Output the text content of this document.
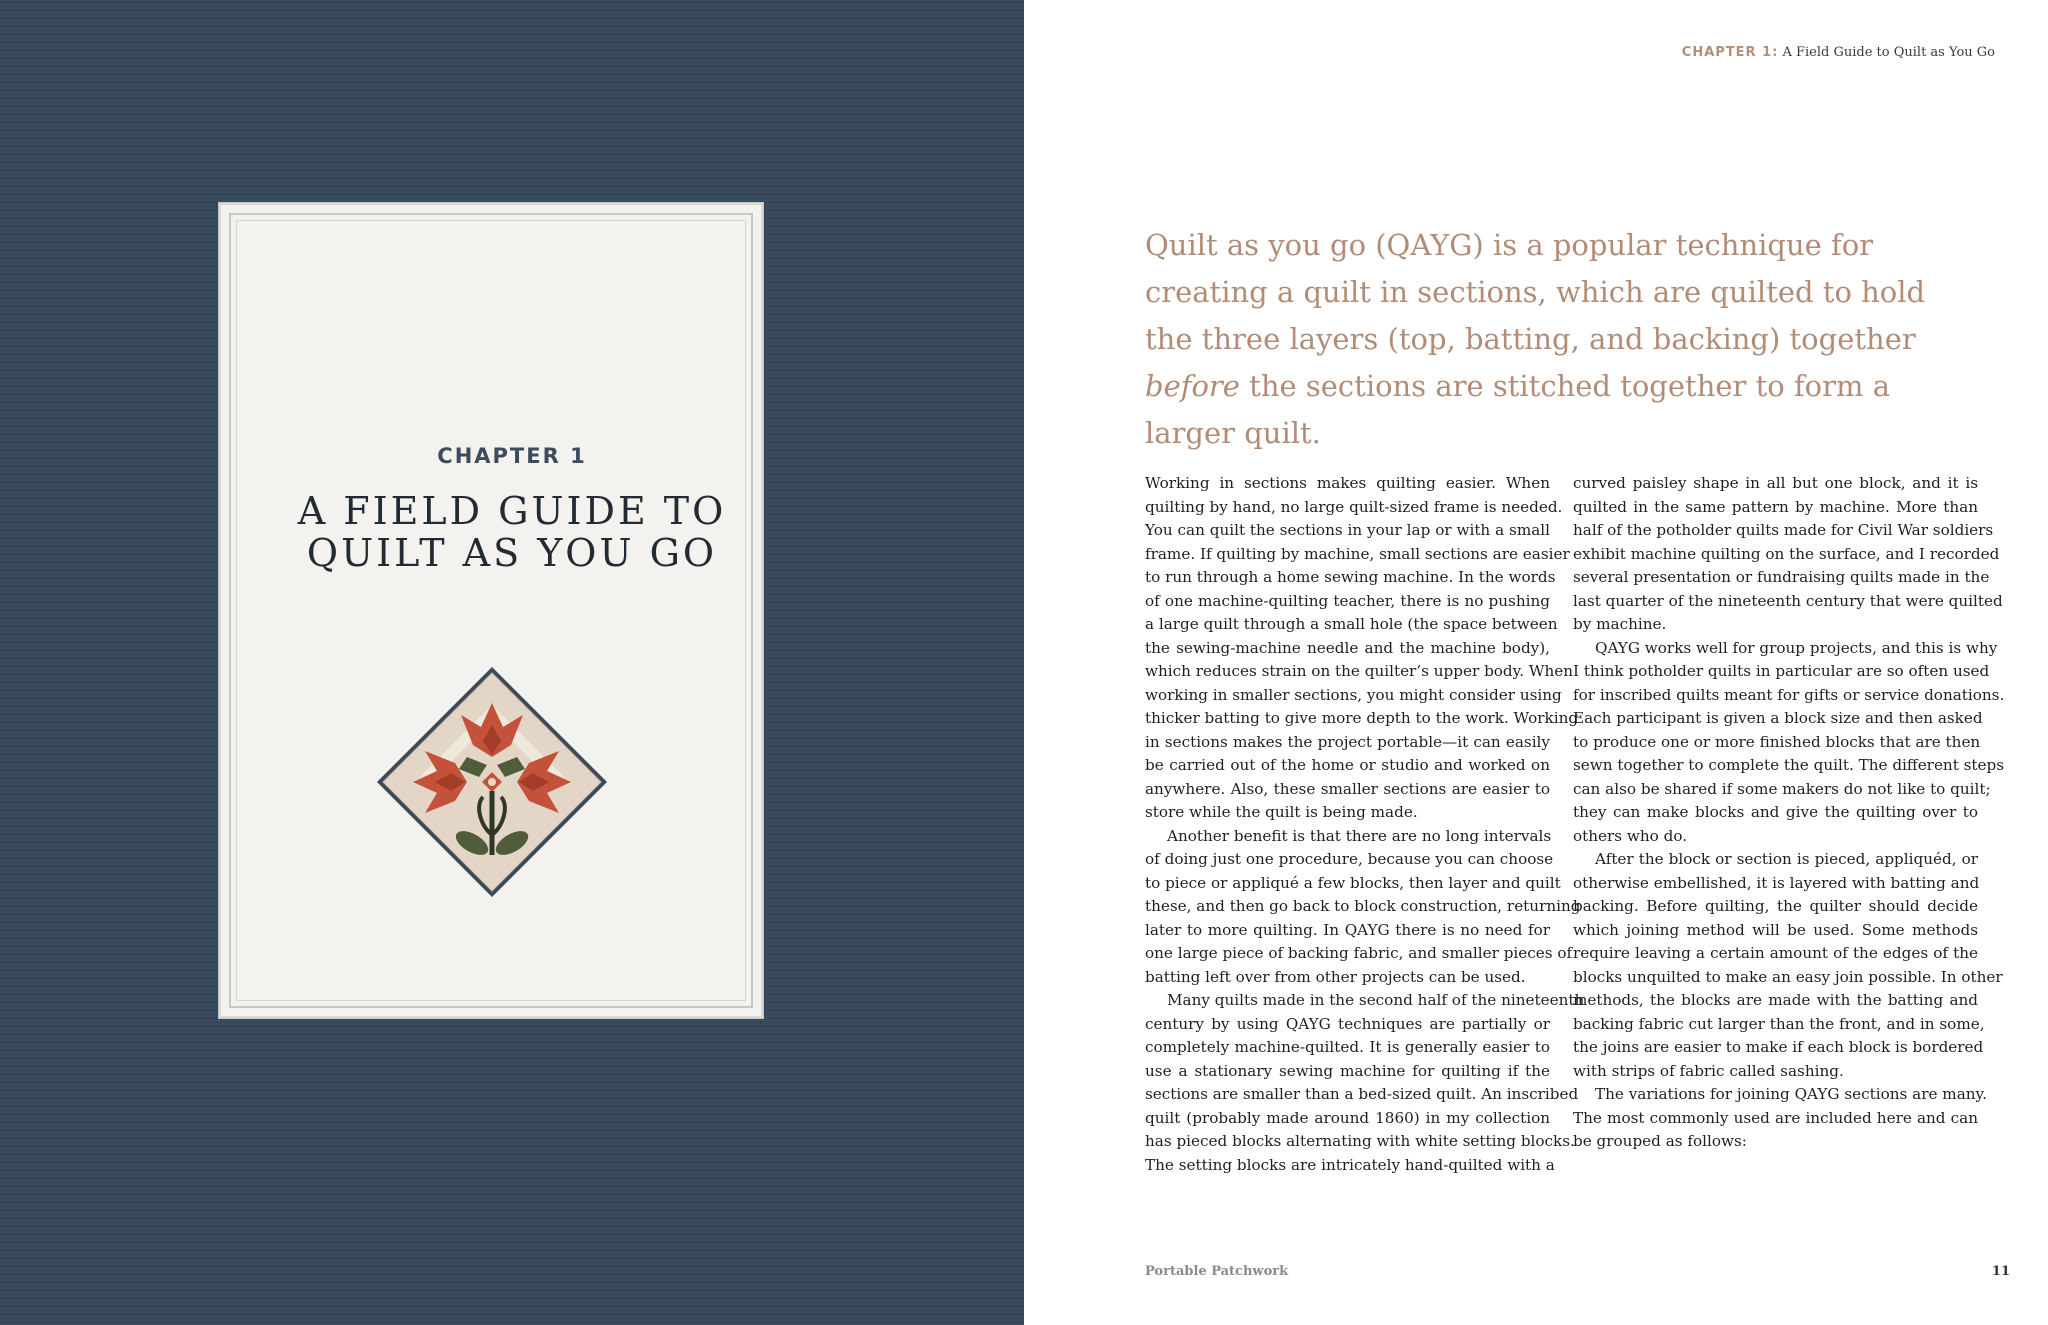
CHAPTER 1
A FIELD GUIDE TO
QUILT AS YOU GO
CHAPTER 1: A Field Guide to Quilt as You Go
Quilt as you go (QAYG) is a popular technique for
creating a quilt in sections, which are quilted to hold
the three layers (top, batting, and backing) together
before the sections are stitched together to form a
larger quilt.
Working in sections makes quilting easier. When
quilting by hand, no large quilt-sized frame is needed.
You can quilt the sections in your lap or with a small
frame. If quilting by machine, small sections are easier
to run through a home sewing machine. In the words
of one machine-quilting teacher, there is no pushing
a large quilt through a small hole (the space between
the sewing-machine needle and the machine body),
which reduces strain on the quilter’s upper body. When
working in smaller sections, you might consider using
thicker batting to give more depth to the work. Working
in sections makes the project portable—it can easily
be carried out of the home or studio and worked on
anywhere. Also, these smaller sections are easier to
store while the quilt is being made.
Another benefit is that there are no long intervals
of doing just one procedure, because you can choose
to piece or appliqué a few blocks, then layer and quilt
these, and then go back to block construction, returning
later to more quilting. In QAYG there is no need for
one large piece of backing fabric, and smaller pieces of
batting left over from other projects can be used.
Many quilts made in the second half of the nineteenth
century by using QAYG techniques are partially or
completely machine-quilted. It is generally easier to
use a stationary sewing machine for quilting if the
sections are smaller than a bed-sized quilt. An inscribed
quilt (probably made around 1860) in my collection
has pieced blocks alternating with white setting blocks.
The setting blocks are intricately hand-quilted with a
curved paisley shape in all but one block, and it is
quilted in the same pattern by machine. More than
half of the potholder quilts made for Civil War soldiers
exhibit machine quilting on the surface, and I recorded
several presentation or fundraising quilts made in the
last quarter of the nineteenth century that were quilted
by machine.
QAYG works well for group projects, and this is why
I think potholder quilts in particular are so often used
for inscribed quilts meant for gifts or service donations.
Each participant is given a block size and then asked
to produce one or more finished blocks that are then
sewn together to complete the quilt. The different steps
can also be shared if some makers do not like to quilt;
they can make blocks and give the quilting over to
others who do.
After the block or section is pieced, appliquéd, or
otherwise embellished, it is layered with batting and
backing. Before quilting, the quilter should decide
which joining method will be used. Some methods
require leaving a certain amount of the edges of the
blocks unquilted to make an easy join possible. In other
methods, the blocks are made with the batting and
backing fabric cut larger than the front, and in some,
the joins are easier to make if each block is bordered
with strips of fabric called sashing.
The variations for joining QAYG sections are many.
The most commonly used are included here and can
be grouped as follows:
Portable Patchwork	11
